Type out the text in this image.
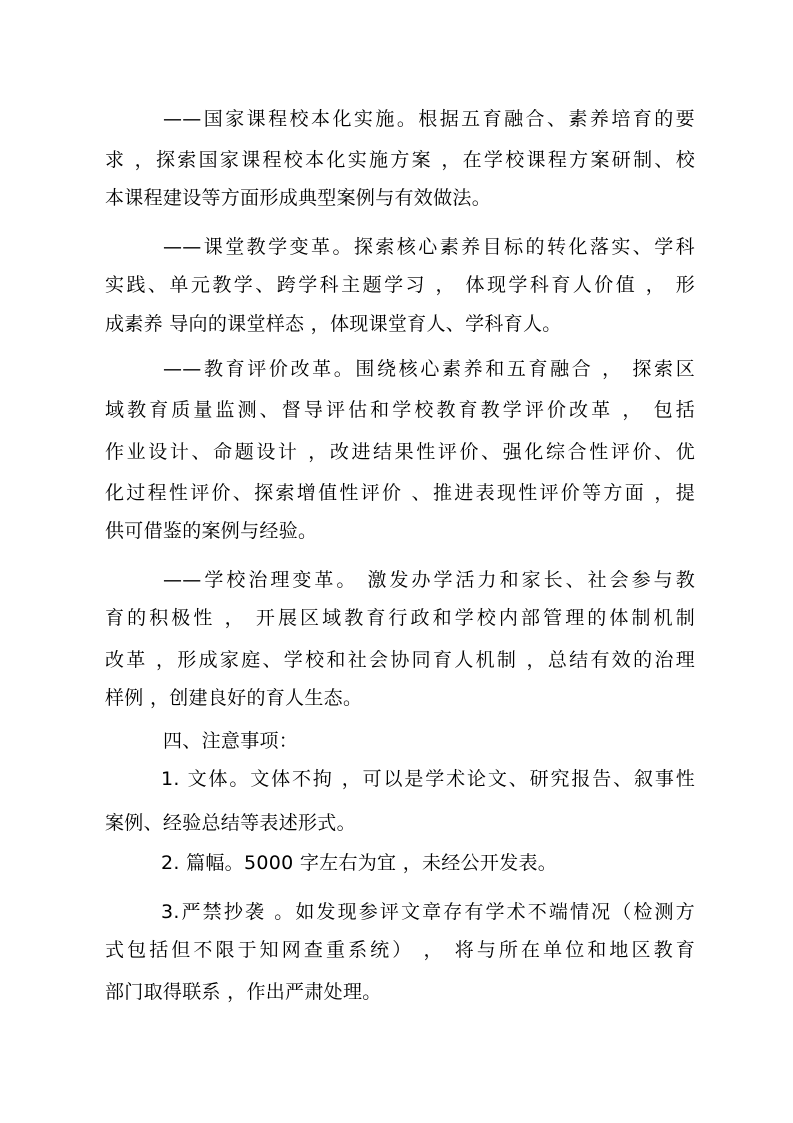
——国家课程校本化实施。根据五育融合、素养培育的要
求 ，探索国家课程校本化实施方案 ，在学校课程方案研制、校
本课程建设等方面形成典型案例与有效做法。
——课堂教学变革。探索核心素养目标的转化落实、学科
实践、单元教学、跨学科主题学习 ， 体现学科育人价值 ， 形
成素养 导向的课堂样态 ，体现课堂育人、学科育人。
——教育评价改革。围绕核心素养和五育融合 ， 探索区
域教育质量监测、督导评估和学校教育教学评价改革 ， 包括
作业设计、命题设计 ，改进结果性评价、强化综合性评价、优
化过程性评价、探索增值性评价 、推进表现性评价等方面 ，提
供可借鉴的案例与经验。
——学校治理变革。 激发办学活力和家长、社会参与教
育的积极性 ， 开展区域教育行政和学校内部管理的体制机制
改革 ，形成家庭、学校和社会协同育人机制 ，总结有效的治理
样例 ，创建良好的育人生态。
四、注意事项：
1. 文体。文体不拘 ，可以是学术论文、研究报告、叙事性
案例、经验总结等表述形式。
2. 篇幅。5000 字左右为宜 ，未经公开发表。
3.严禁抄袭 。如发现参评文章存有学术不端情况（检测方
式包括但不限于知网查重系统） ， 将与所在单位和地区教育
部门取得联系 ，作出严肃处理。
